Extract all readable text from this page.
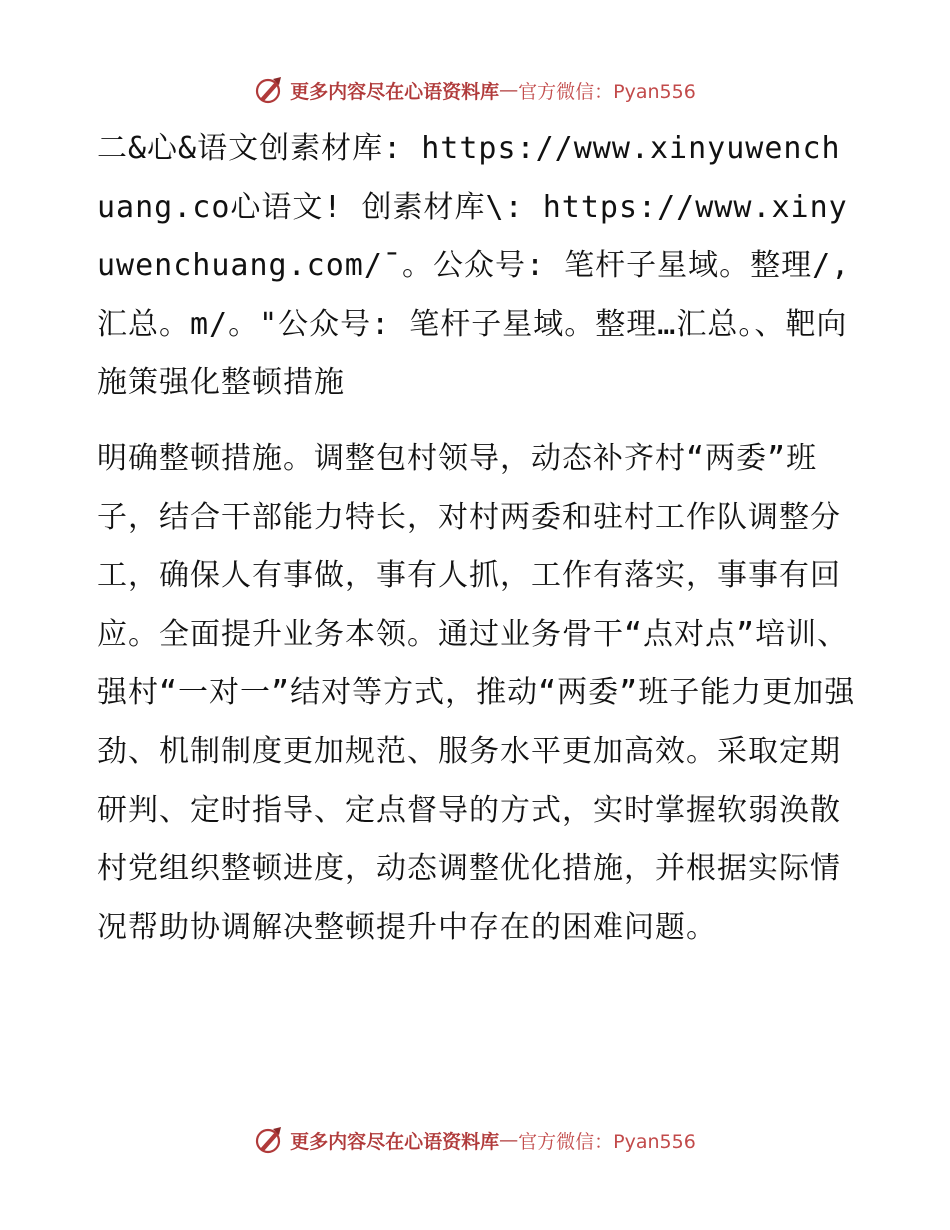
更多内容尽在心语资料库 — 官方微信：Pyan556

二&心&语文创素材库: https://www.xinyuwenchuang.co心语文! 创素材库\: https://www.xinyuwenchuang.com/¯。公众号: 笔杆子星域。整理/,汇总。m/。"公众号: 笔杆子星域。整理…汇总。、靶向施策强化整顿措施

明确整顿措施。调整包村领导，动态补齐村“两委”班子，结合干部能力特长，对村两委和驻村工作队调整分工，确保人有事做，事有人抓，工作有落实，事事有回应。全面提升业务本领。通过业务骨干“点对点”培训、强村“一对一”结对等方式，推动“两委”班子能力更加强劲、机制制度更加规范、服务水平更加高效。采取定期研判、定时指导、定点督导的方式，实时掌握软弱涣散村党组织整顿进度，动态调整优化措施，并根据实际情况帮助协调解决整顿提升中存在的困难问题。

更多内容尽在心语资料库 — 官方微信：Pyan556
